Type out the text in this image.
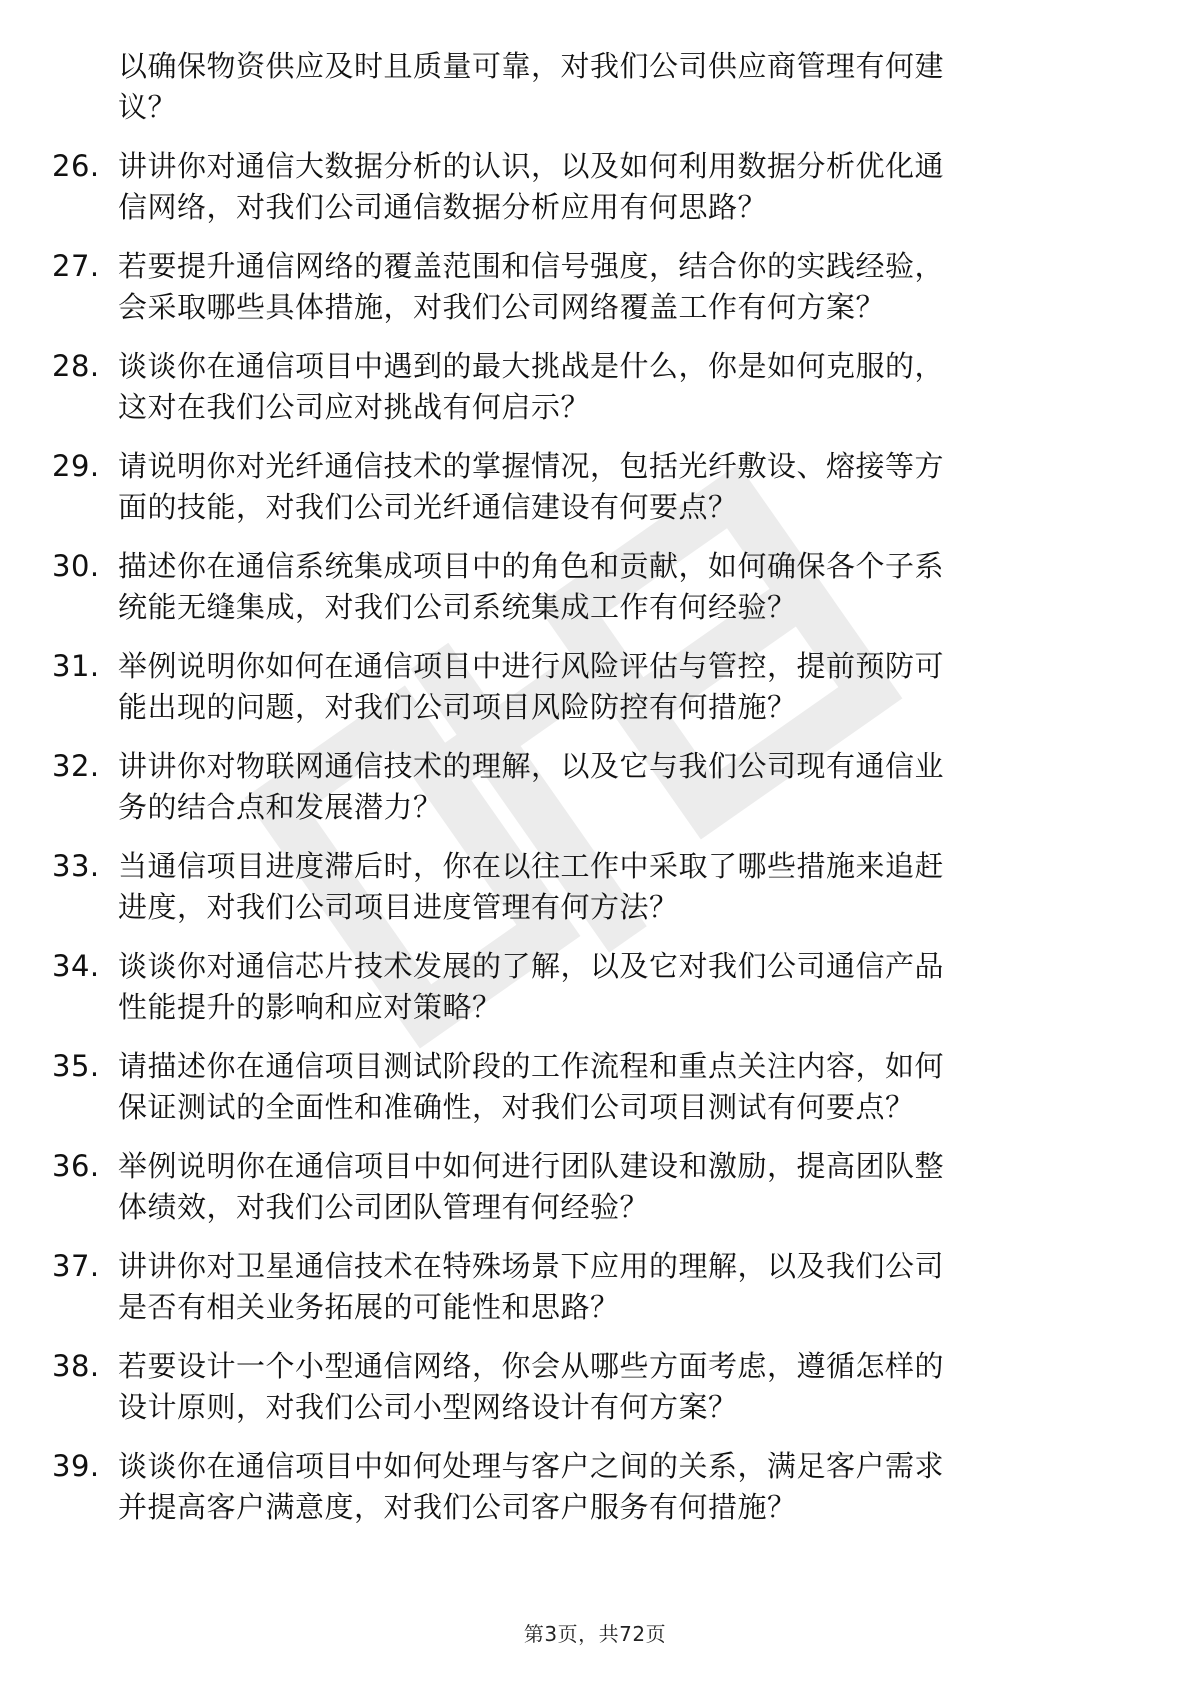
以确保物资供应及时且质量可靠，对我们公司供应商管理有何建
议？
26. 讲讲你对通信大数据分析的认识，以及如何利用数据分析优化通
信网络，对我们公司通信数据分析应用有何思路？
27. 若要提升通信网络的覆盖范围和信号强度，结合你的实践经验，
会采取哪些具体措施，对我们公司网络覆盖工作有何方案？
28. 谈谈你在通信项目中遇到的最大挑战是什么，你是如何克服的，
这对在我们公司应对挑战有何启示？
29. 请说明你对光纤通信技术的掌握情况，包括光纤敷设、熔接等方
面的技能，对我们公司光纤通信建设有何要点？
30. 描述你在通信系统集成项目中的角色和贡献，如何确保各个子系
统能无缝集成，对我们公司系统集成工作有何经验？
31. 举例说明你如何在通信项目中进行风险评估与管控，提前预防可
能出现的问题，对我们公司项目风险防控有何措施？
32. 讲讲你对物联网通信技术的理解，以及它与我们公司现有通信业
务的结合点和发展潜力？
33. 当通信项目进度滞后时，你在以往工作中采取了哪些措施来追赶
进度，对我们公司项目进度管理有何方法？
34. 谈谈你对通信芯片技术发展的了解，以及它对我们公司通信产品
性能提升的影响和应对策略？
35. 请描述你在通信项目测试阶段的工作流程和重点关注内容，如何
保证测试的全面性和准确性，对我们公司项目测试有何要点？
36. 举例说明你在通信项目中如何进行团队建设和激励，提高团队整
体绩效，对我们公司团队管理有何经验？
37. 讲讲你对卫星通信技术在特殊场景下应用的理解，以及我们公司
是否有相关业务拓展的可能性和思路？
38. 若要设计一个小型通信网络，你会从哪些方面考虑，遵循怎样的
设计原则，对我们公司小型网络设计有何方案？
39. 谈谈你在通信项目中如何处理与客户之间的关系，满足客户需求
并提高客户满意度，对我们公司客户服务有何措施？
第3页，共72页
